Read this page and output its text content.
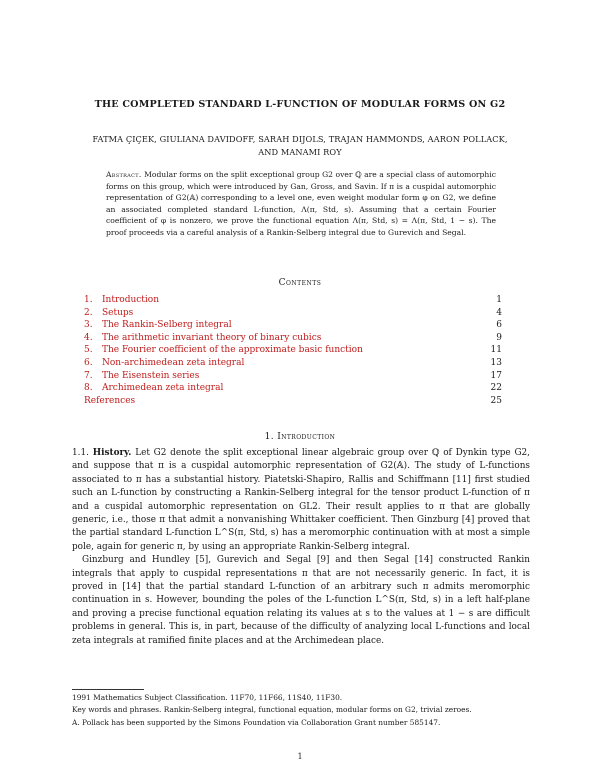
THE COMPLETED STANDARD L-FUNCTION OF MODULAR FORMS ON G2
FATMA ÇIÇEK, GIULIANA DAVIDOFF, SARAH DIJOLS, TRAJAN HAMMONDS, AARON POLLACK,
AND MANAMI ROY
Abstract. Modular forms on the split exceptional group G2 over ℚ are a special class of automorphic forms on this group, which were introduced by Gan, Gross, and Savin. If π is a cuspidal automorphic representation of G2(𝔸) corresponding to a level one, even weight modular form φ on G2, we define an associated completed standard L-function, Λ(π, Std, s). Assuming that a certain Fourier coefficient of φ is nonzero, we prove the functional equation Λ(π, Std, s) = Λ(π, Std, 1 − s). The proof proceeds via a careful analysis of a Rankin-Selberg integral due to Gurevich and Segal.
Contents
1.	Introduction	1
2.	Setups	4
3.	The Rankin-Selberg integral	6
4.	The arithmetic invariant theory of binary cubics	9
5.	The Fourier coefficient of the approximate basic function	11
6.	Non-archimedean zeta integral	13
7.	The Eisenstein series	17
8.	Archimedean zeta integral	22
References	25
1. Introduction

1.1. History. Let G2 denote the split exceptional linear algebraic group over ℚ of Dynkin type G2, and suppose that π is a cuspidal automorphic representation of G2(𝔸). The study of L-functions associated to π has a substantial history. Piatetski-Shapiro, Rallis and Schiffmann [11] first studied such an L-function by constructing a Rankin-Selberg integral for the tensor product L-function of π and a cuspidal automorphic representation on GL2. Their result applies to π that are globally generic, i.e., those π that admit a nonvanishing Whittaker coefficient. Then Ginzburg [4] proved that the partial standard L-function L^S(π, Std, s) has a meromorphic continuation with at most a simple pole, again for generic π, by using an appropriate Rankin-Selberg integral.

Ginzburg and Hundley [5], Gurevich and Segal [9] and then Segal [14] constructed Rankin integrals that apply to cuspidal representations π that are not necessarily generic. In fact, it is proved in [14] that the partial standard L-function of an arbitrary such π admits meromorphic continuation in s. However, bounding the poles of the L-function L^S(π, Std, s) in a left half-plane and proving a precise functional equation relating its values at s to the values at 1 − s are difficult problems in general. This is, in part, because of the difficulty of analyzing local L-functions and local zeta integrals at ramified finite places and at the Archimedean place.

1991 Mathematics Subject Classification. 11F70, 11F66, 11S40, 11F30.
Key words and phrases. Rankin-Selberg integral, functional equation, modular forms on G2, trivial zeroes.
A. Pollack has been supported by the Simons Foundation via Collaboration Grant number 585147.
1
